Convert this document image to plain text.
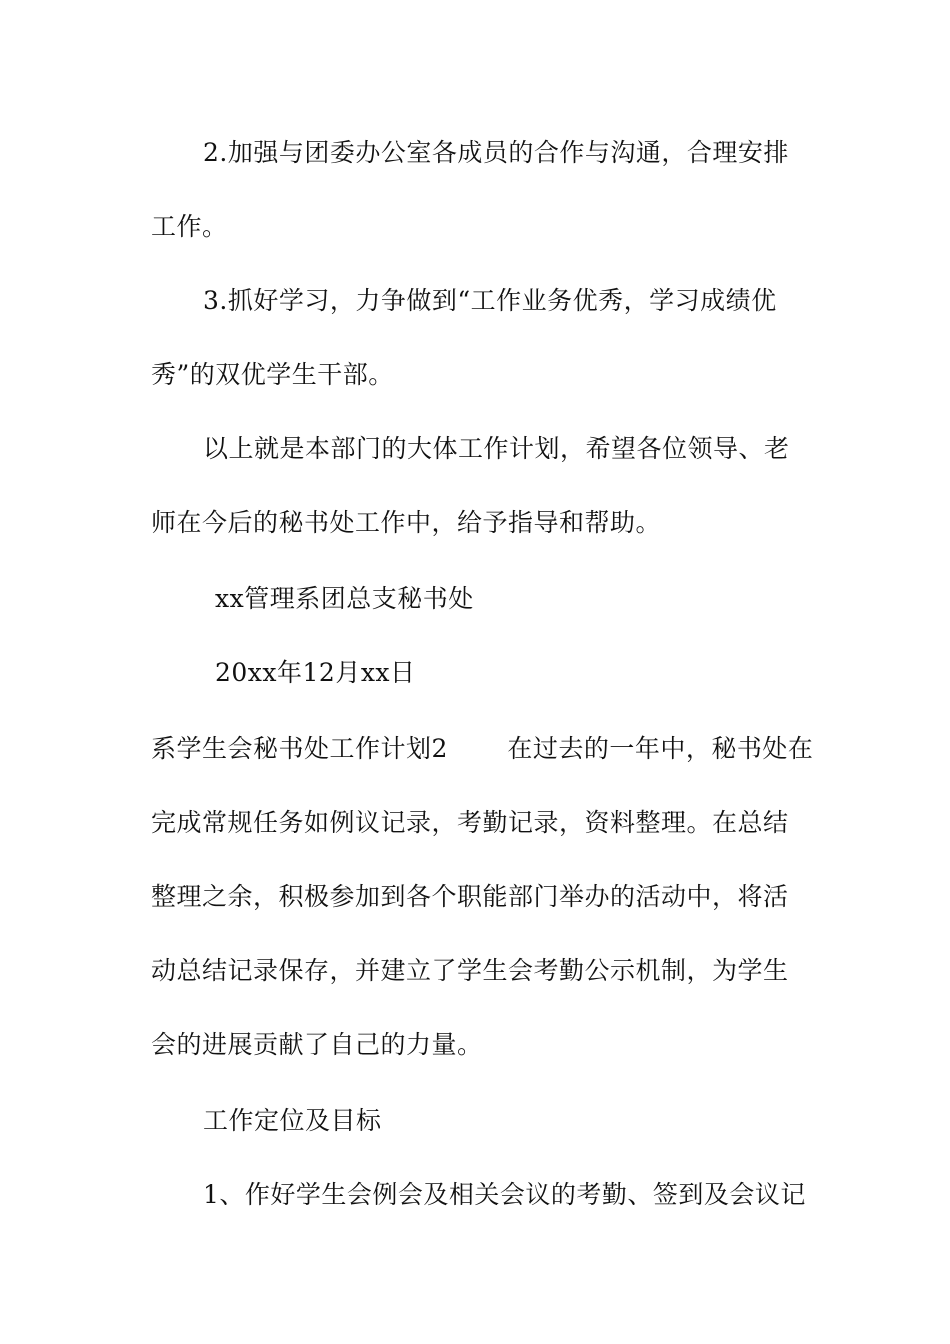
2.加强与团委办公室各成员的合作与沟通，合理安排
工作。
3.抓好学习，力争做到“工作业务优秀，学习成绩优
秀”的双优学生干部。
以上就是本部门的大体工作计划，希望各位领导、老
师在今后的秘书处工作中，给予指导和帮助。
xx管理系团总支秘书处
20xx年12月xx日
系学生会秘书处工作计划2　　 在过去的一年中，秘书处在
完成常规任务如例议记录，考勤记录，资料整理。在总结
整理之余，积极参加到各个职能部门举办的活动中，将活
动总结记录保存，并建立了学生会考勤公示机制，为学生
会的进展贡献了自己的力量。
工作定位及目标
1、作好学生会例会及相关会议的考勤、签到及会议记
